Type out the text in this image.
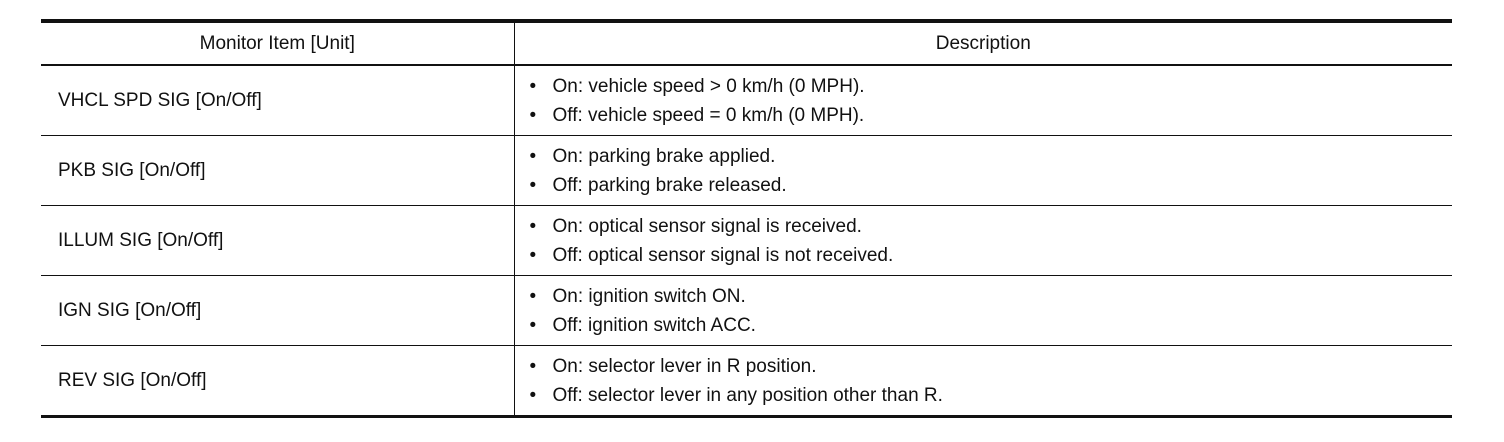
Monitor Item [Unit]	Description
VHCL SPD SIG [On/Off]	• On: vehicle speed > 0 km/h (0 MPH).
• Off: vehicle speed = 0 km/h (0 MPH).

PKB SIG [On/Off]	• On: parking brake applied.
• Off: parking brake released.

ILLUM SIG [On/Off]	• On: optical sensor signal is received.
• Off: optical sensor signal is not received.

IGN SIG [On/Off]	• On: ignition switch ON.
• Off: ignition switch ACC.

REV SIG [On/Off]	• On: selector lever in R position.
• Off: selector lever in any position other than R.
